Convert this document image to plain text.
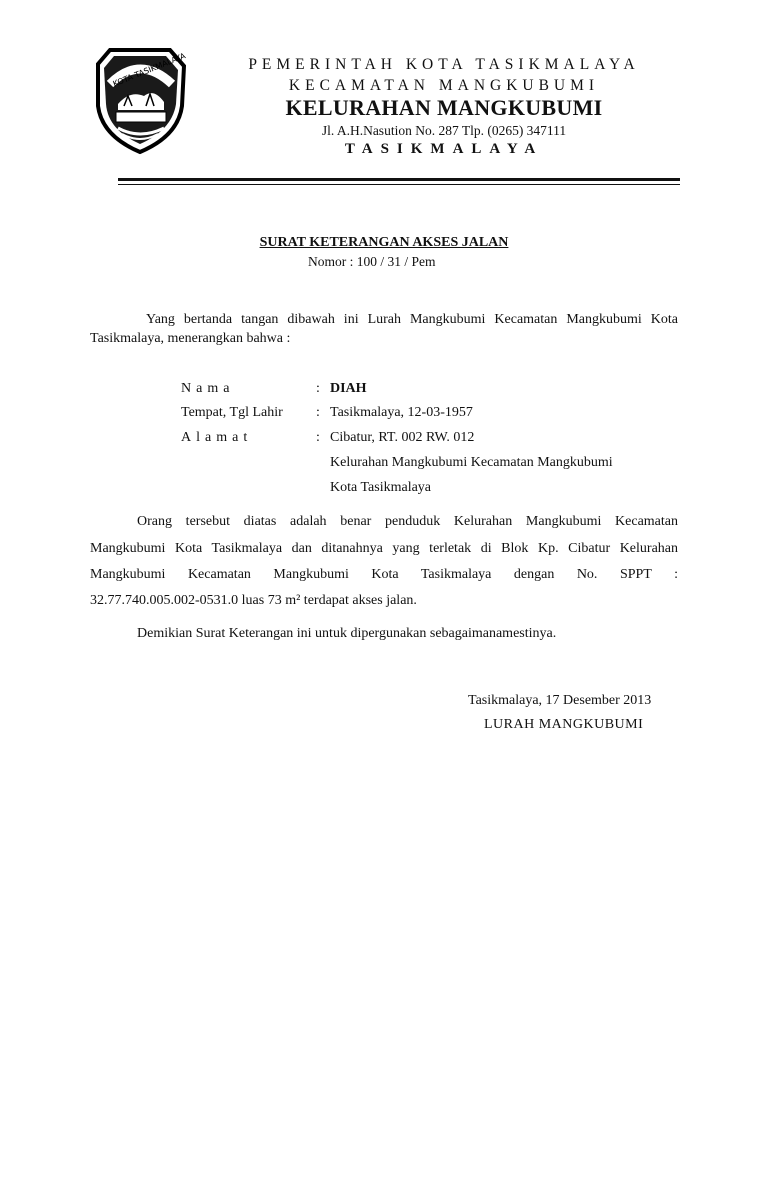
KOTA TASIKMALAYA	PEMERINTAH KOTA TASIKMALAYA
KECAMATAN MANGKUBUMI
KELURAHAN MANGKUBUMI
Jl. A.H.Nasution No. 287 Tlp. (0265) 347111
TASIKMALAYA
SURAT KETERANGAN AKSES JALAN
Nomor : 100 / 31 / Pem
Yang bertanda tangan dibawah ini Lurah Mangkubumi Kecamatan Mangkubumi Kota
Tasikmalaya, menerangkan bahwa :
Nama	: DIAH
Tempat, Tgl Lahir : Tasikmalaya, 12-03-1957
Alamat	: Cibatur, RT. 002 RW. 012
Kelurahan Mangkubumi Kecamatan Mangkubumi
Kota Tasikmalaya
Orang tersebut diatas adalah benar penduduk Kelurahan Mangkubumi Kecamatan
Mangkubumi Kota Tasikmalaya dan ditanahnya yang terletak di Blok Kp. Cibatur Kelurahan
Mangkubumi Kecamatan Mangkubumi Kota Tasikmalaya dengan No. SPPT :
32.77.740.005.002-0531.0 luas 73 m² terdapat akses jalan.
Demikian Surat Keterangan ini untuk dipergunakan sebagaimanamestinya.
Tasikmalaya, 17 Desember 2013
LURAH MANGKUBUMI
